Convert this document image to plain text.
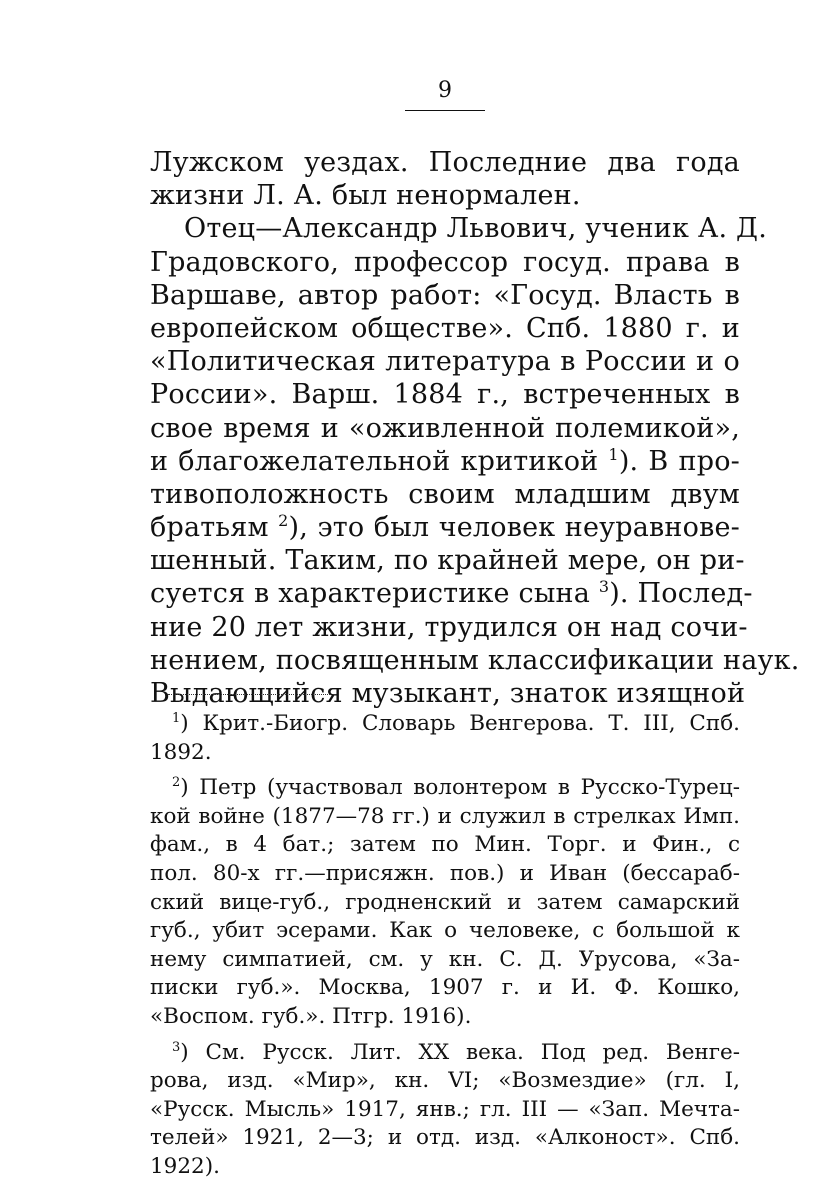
9
Лужском уездах. Последние два года
жизни Л. А. был ненормален.
Отец—Александр Львович, ученик А. Д.
Градовского, профессор госуд. права в
Варшаве, автор работ: «Госуд. Власть в
европейском обществе». Спб. 1880 г. и
«Политическая литература в России и о
России». Варш. 1884 г., встреченных в
свое время и «оживленной полемикой»,
и благожелательной критикой $^1$). В про-
тивоположность своим младшим двум
братьям $^2$), это был человек неуравнове-
шенный. Таким, по крайней мере, он ри-
суется в характеристике сына $^3$). Послед-
ние 20 лет жизни, трудился он над сочи-
нением, посвященным классификации наук.
Выдающийся музыкант, знаток изящной
$^1$) Крит.-Биогр. Словарь Венгерова. Т. III, Спб.
1892.
$^2$) Петр (участвовал волонтером в Русско-Турец-
кой войне (1877—78 гг.) и служил в стрелках Имп.
фам., в 4 бат.; затем по Мин. Торг. и Фин., с
пол. 80-х гг.—присяжн. пов.) и Иван (бессараб-
ский вице-губ., гродненский и затем самарский
губ., убит эсерами. Как о человеке, с большой к
нему симпатией, см. у кн. С. Д. Урусова, «За-
писки губ.». Москва, 1907 г. и И. Ф. Кошко,
«Воспом. губ.». Птгр. 1916).
$^3$) См. Русск. Лит. XX века. Под ред. Венге-
рова, изд. «Мир», кн. VI; «Возмездие» (гл. I,
«Русск. Мысль» 1917, янв.; гл. III — «Зап. Мечта-
телей» 1921, 2—3; и отд. изд. «Алконост». Спб.
1922).
